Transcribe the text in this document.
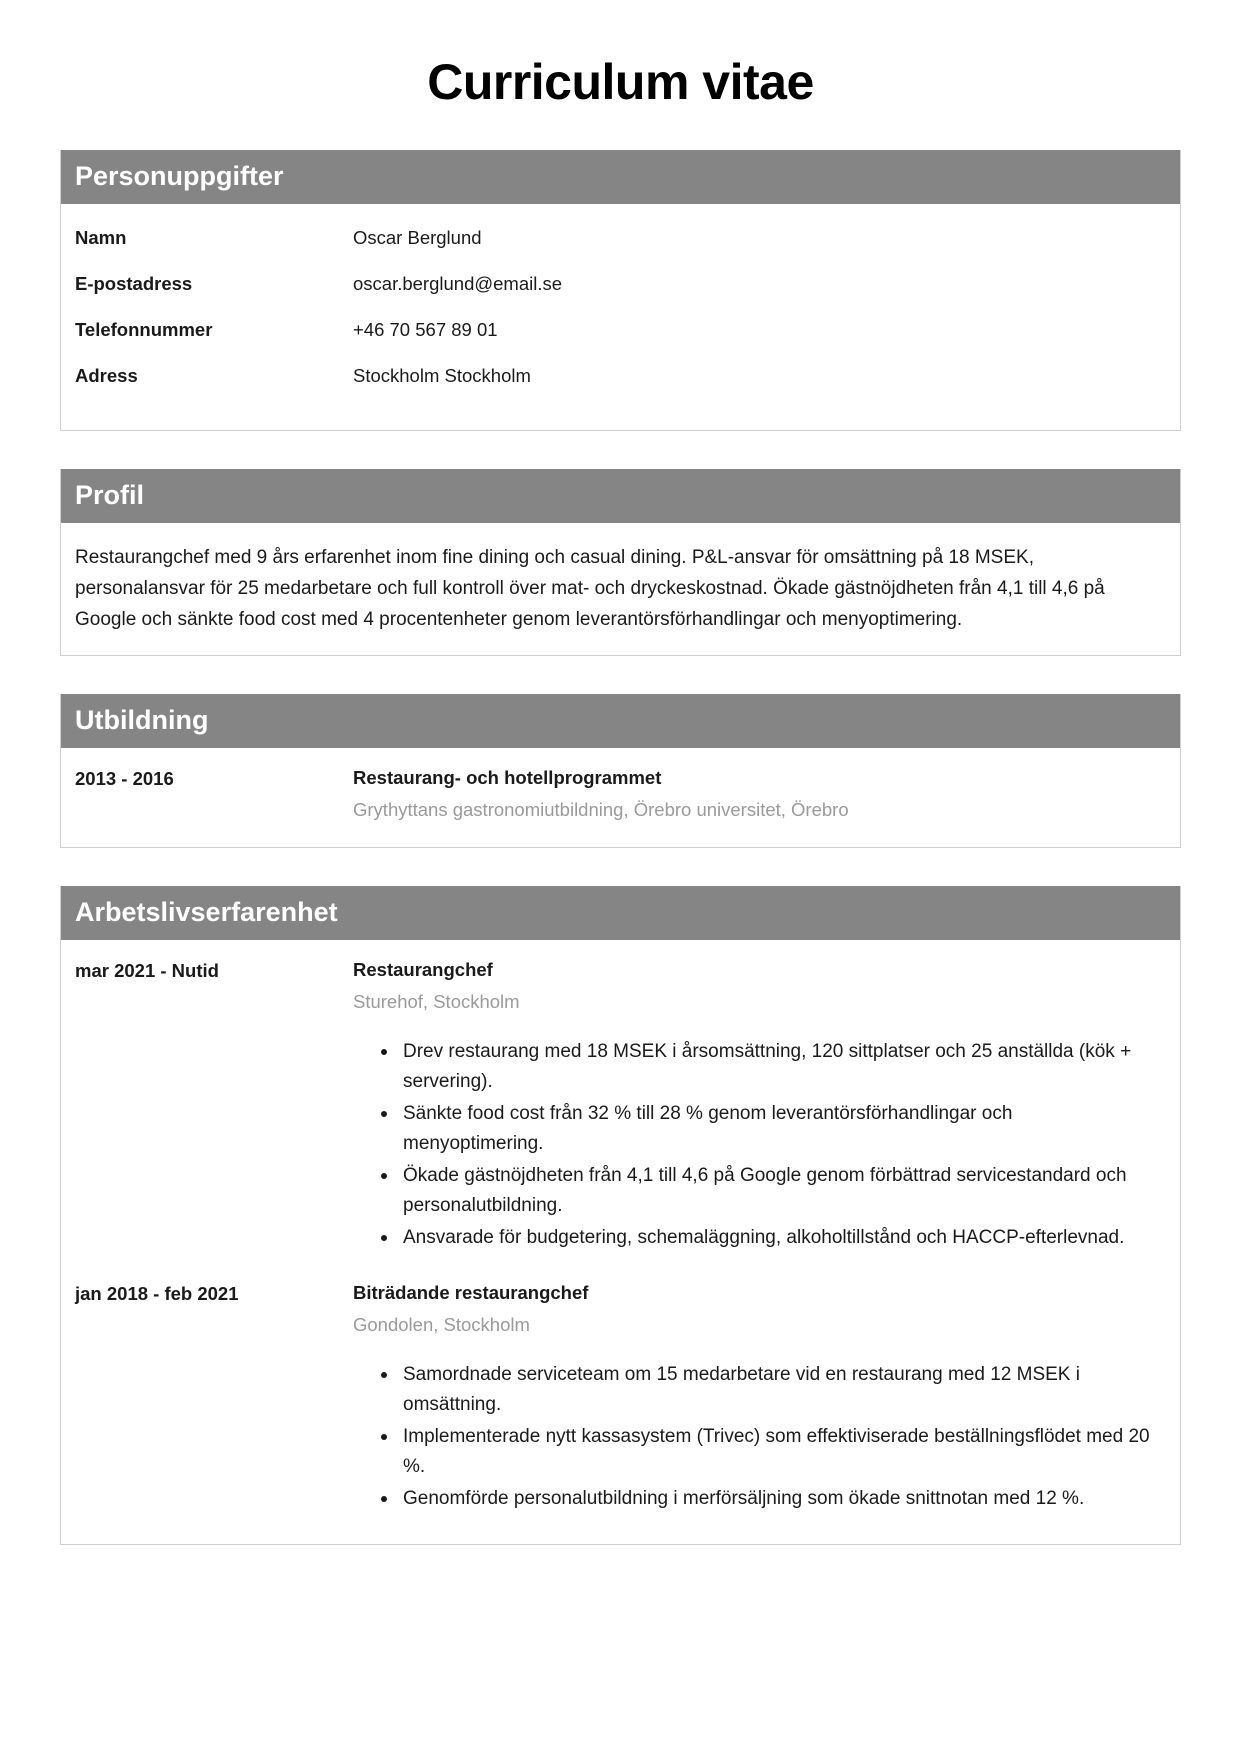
Curriculum vitae
Personuppgifter
Namn	Oscar Berglund
E-postadress	oscar.berglund@email.se
Telefonnummer	+46 70 567 89 01
Adress	Stockholm Stockholm
Profil

Restaurangchef med 9 års erfarenhet inom fine dining och casual dining. P&L-ansvar för omsättning på 18 MSEK, personalansvar för 25 medarbetare och full kontroll över mat- och dryckeskostnad. Ökade gästnöjdheten från 4,1 till 4,6 på Google och sänkte food cost med 4 procentenheter genom leverantörsförhandlingar och menyoptimering.

Utbildning
2013 - 2016	Restaurang- och hotellprogrammet
Grythyttans gastronomiutbildning, Örebro universitet, Örebro
Arbetslivserfarenhet
mar 2021 - Nutid	Restaurangchef
Sturehof, Stockholm
Drev restaurang med 18 MSEK i årsomsättning, 120 sittplatser och 25 anställda (kök + servering).
Sänkte food cost från 32 % till 28 % genom leverantörsförhandlingar och menyoptimering.
Ökade gästnöjdheten från 4,1 till 4,6 på Google genom förbättrad servicestandard och personalutbildning.
Ansvarade för budgetering, schemaläggning, alkoholtillstånd och HACCP-efterlevnad.
jan 2018 - feb 2021	Biträdande restaurangchef
Gondolen, Stockholm
Samordnade serviceteam om 15 medarbetare vid en restaurang med 12 MSEK i omsättning.
Implementerade nytt kassasystem (Trivec) som effektiviserade beställningsflödet med 20 %.
Genomförde personalutbildning i merförsäljning som ökade snittnotan med 12 %.
